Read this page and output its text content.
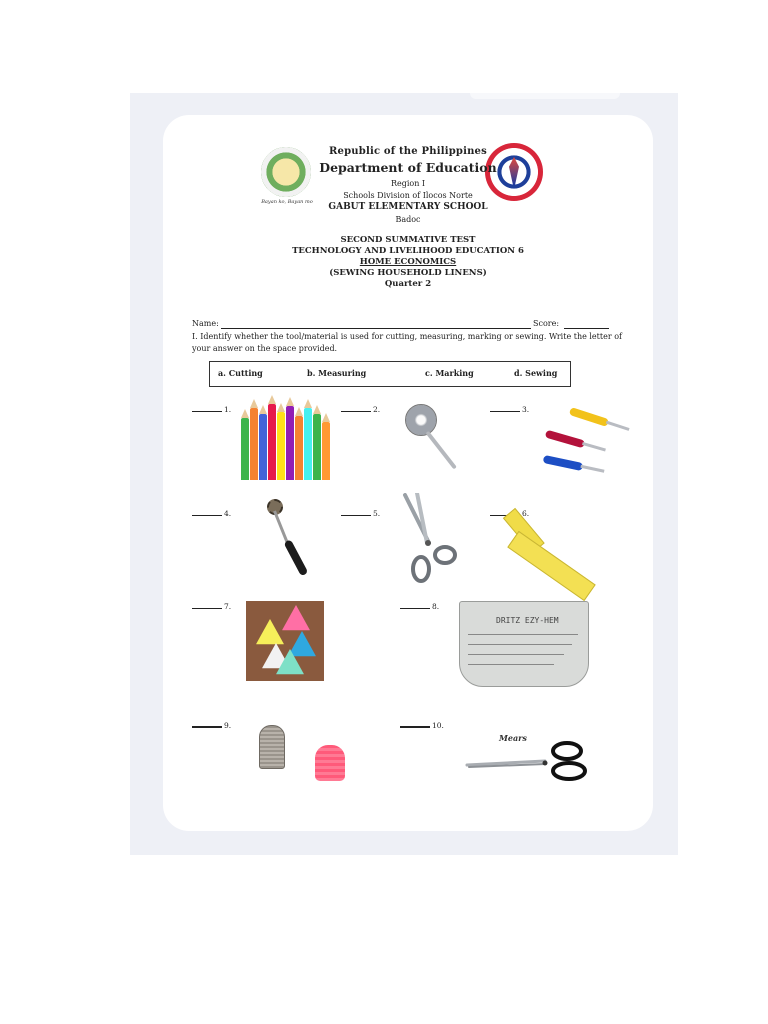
Bayan ko, Bayan mo
Republic of the Philippines
Department of Education
Region I
Schools Division of Ilocos Norte
GABUT ELEMENTARY SCHOOL
Badoc
SECOND SUMMATIVE TEST
TECHNOLOGY AND LIVELIHOOD EDUCATION 6
HOME ECONOMICS
(SEWING HOUSEHOLD LINENS)
Quarter 2
Name:	Score:
I. Identify whether the tool/material is used for cutting, measuring, marking or sewing. Write the letter of your answer on the space provided.
a. Cutting	b. Measuring	c. Marking	d. Sewing
1.	2.	3.
4.	5.	6.
7.	8.
DRITZ EZY-HEM
9.	10.
Mears
